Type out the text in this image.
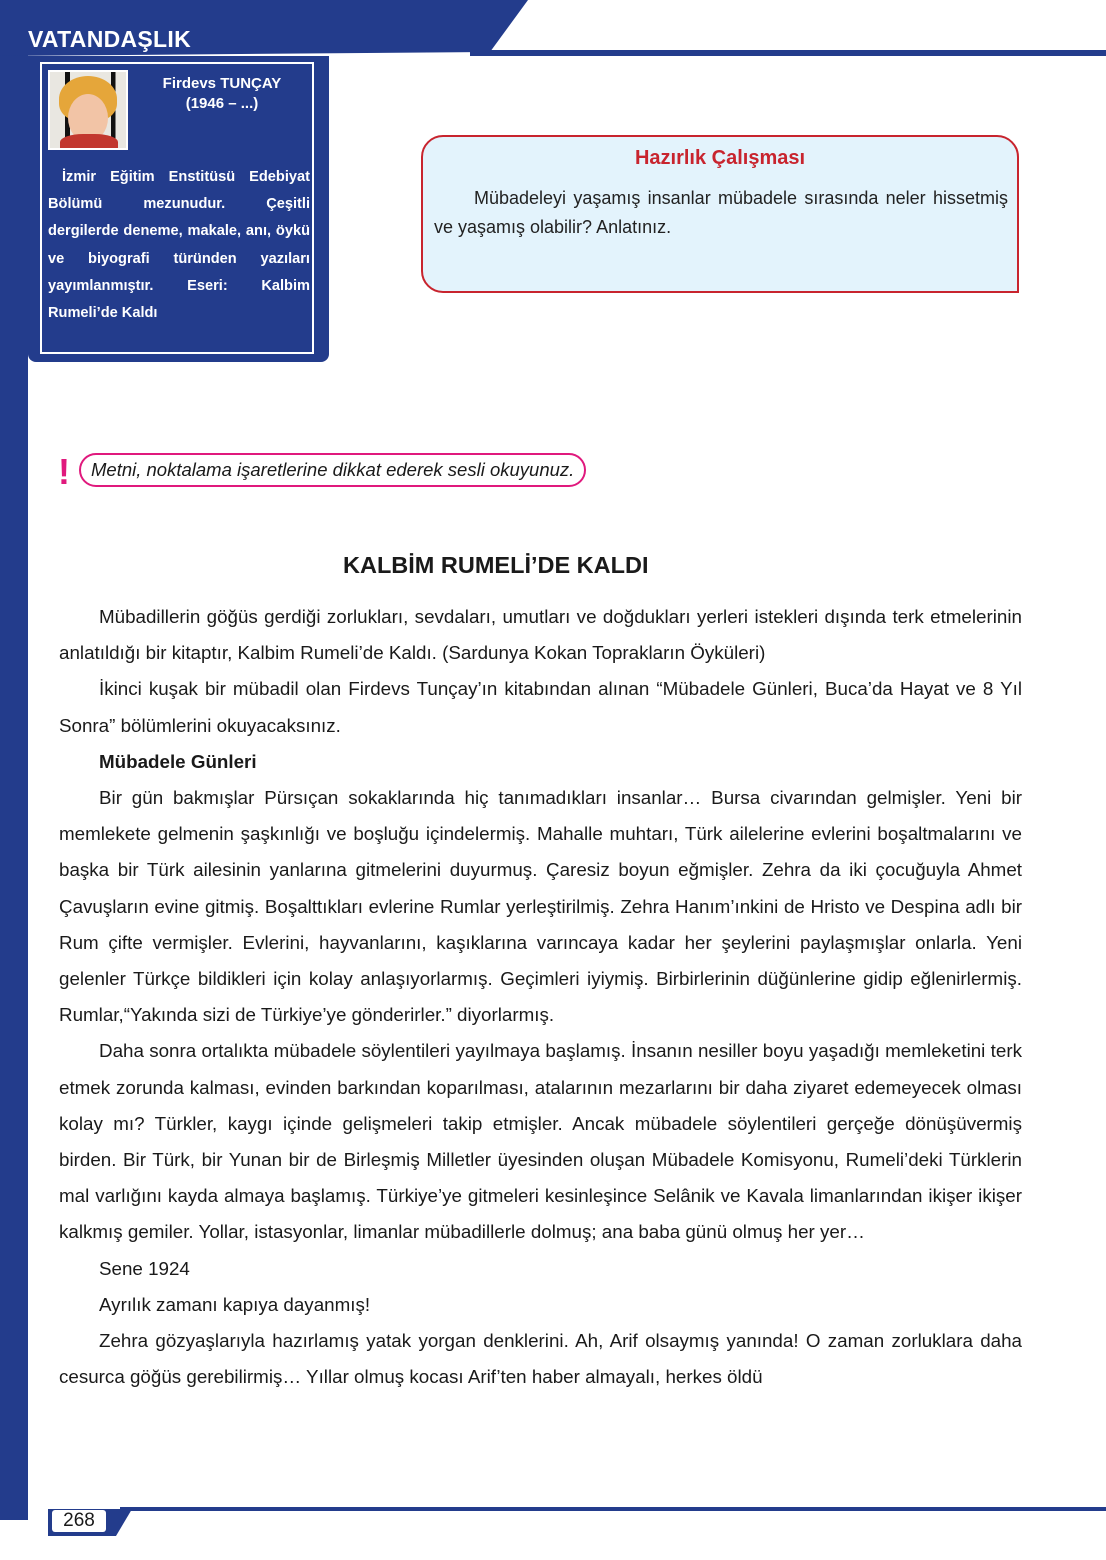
VATANDAŞLIK
Firdevs TUNÇAY
(1946 – ...)
İzmir Eğitim Enstitüsü Edebiyat Bölümü mezunudur. Çeşitli dergilerde deneme, makale, anı, öykü ve biyografi türünden yazıları yayımlanmıştır. Eseri: Kalbim Rumeli’de Kaldı
Hazırlık Çalışması
Mübadeleyi yaşamış insanlar mübadele sırasında neler hissetmiş ve yaşamış olabilir? Anlatınız.
!	Metni, noktalama işaretlerine dikkat ederek sesli okuyunuz.
KALBİM RUMELİ’DE KALDI

Mübadillerin göğüs gerdiği zorlukları, sevdaları, umutları ve doğdukları yerleri istekleri dışında terk etmelerinin anlatıldığı bir kitaptır, Kalbim Rumeli’de Kaldı. (Sardunya Kokan Toprakların Öyküleri)

İkinci kuşak bir mübadil olan Firdevs Tunçay’ın kitabından alınan “Mübadele Günleri, Buca’da Hayat ve 8 Yıl Sonra” bölümlerini okuyacaksınız.

Mübadele Günleri

Bir gün bakmışlar Pürsıçan sokaklarında hiç tanımadıkları insanlar… Bursa civarından gelmişler. Yeni bir memlekete gelmenin şaşkınlığı ve boşluğu içindelermiş. Mahalle muhtarı, Türk ailelerine evlerini boşaltmalarını ve başka bir Türk ailesinin yanlarına gitmelerini duyurmuş. Çaresiz boyun eğmişler. Zehra da iki çocuğuyla Ahmet Çavuşların evine gitmiş. Boşalttıkları evlerine Rumlar yerleştirilmiş. Zehra Hanım’ınkini de Hristo ve Despina adlı bir Rum çifte vermişler. Evlerini, hayvanlarını, kaşıklarına varıncaya kadar her şeylerini paylaşmışlar onlarla. Yeni gelenler Türkçe bildikleri için kolay anlaşıyorlarmış. Geçimleri iyiymiş. Birbirlerinin düğünlerine gidip eğlenirlermiş. Rumlar,“Yakında sizi de Türkiye’ye gönderirler.” diyorlarmış.

Daha sonra ortalıkta mübadele söylentileri yayılmaya başlamış. İnsanın nesiller boyu yaşadığı memleketini terk etmek zorunda kalması, evinden barkından koparılması, atalarının mezarlarını bir daha ziyaret edemeyecek olması kolay mı? Türkler, kaygı içinde gelişmeleri takip etmişler. Ancak mübadele söylentileri gerçeğe dönüşüvermiş birden. Bir Türk, bir Yunan bir de Birleşmiş Milletler üyesinden oluşan Mübadele Komisyonu, Rumeli’deki Türklerin mal varlığını kayda almaya başlamış. Türkiye’ye gitmeleri kesinleşince Selânik ve Kavala limanlarından ikişer ikişer kalkmış gemiler. Yollar, istasyonlar, limanlar mübadillerle dolmuş; ana baba günü olmuş her yer…

Sene 1924

Ayrılık zamanı kapıya dayanmış!

Zehra gözyaşlarıyla hazırlamış yatak yorgan denklerini. Ah, Arif olsaymış yanında! O zaman zorluklara daha cesurca göğüs gerebilirmiş… Yıllar olmuş kocası Arif’ten haber almayalı, herkes öldü

268
